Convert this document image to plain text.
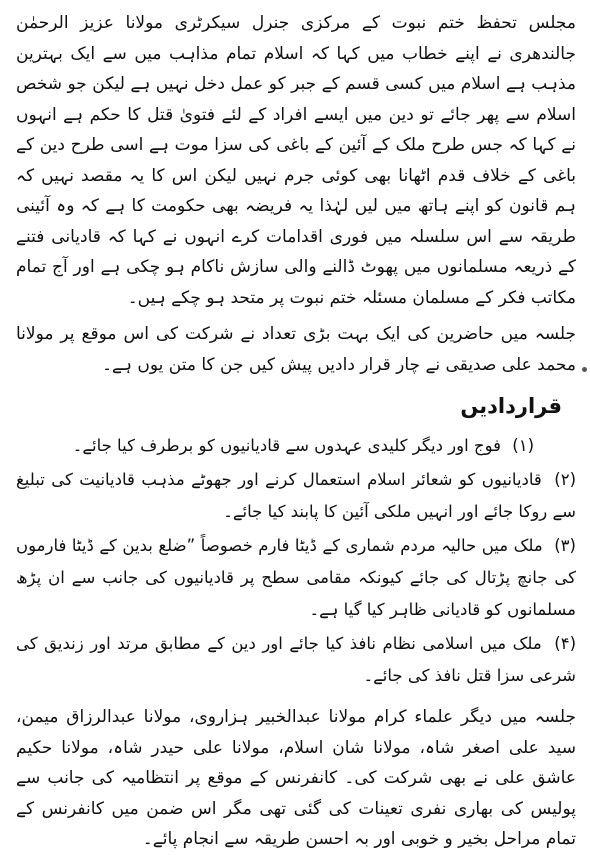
مجلس تحفظ ختم نبوت کے مرکزی جنرل سیکرٹری مولانا عزیز الرحمٰن جالندھری نے اپنے خطاب میں کہا کہ اسلام تمام مذاہب میں سے ایک بہترین مذہب ہے اسلام میں کسی قسم کے جبر کو عمل دخل نہیں ہے لیکن جو شخص اسلام سے پھر جائے تو دین میں ایسے افراد کے لئے فتویٰ قتل کا حکم ہے انہوں نے کہا کہ جس طرح ملک کے آئین کے باغی کی سزا موت ہے اسی طرح دین کے باغی کے خلاف قدم اٹھانا بھی کوئی جرم نہیں لیکن اس کا یہ مقصد نہیں کہ ہم قانون کو اپنے ہاتھ میں لیں لہٰذا یہ فریضہ بھی حکومت کا ہے کہ وہ آئینی طریقہ سے اس سلسلہ میں فوری اقدامات کرے انہوں نے کہا کہ قادیانی فتنے کے ذریعہ مسلمانوں میں پھوٹ ڈالنے والی سازش ناکام ہو چکی ہے اور آج تمام مکاتب فکر کے مسلمان مسئلہ ختم نبوت پر متحد ہو چکے ہیں۔

جلسہ میں حاضرین کی ایک بہت بڑی تعداد نے شرکت کی اس موقع پر مولانا محمد علی صدیقی نے چار قرار دادیں پیش کیں جن کا متن یوں ہے۔

قراردادیں

(۱) فوج اور دیگر کلیدی عہدوں سے قادیانیوں کو برطرف کیا جائے۔

(۲) قادیانیوں کو شعائر اسلام استعمال کرنے اور جھوٹے مذہب قادیانیت کی تبلیغ سے روکا جائے اور انہیں ملکی آئین کا پابند کیا جائے۔

(۳) ملک میں حالیہ مردم شماری کے ڈیٹا فارم خصوصاً ”ضلع بدین کے ڈیٹا فارموں کی جانچ پڑتال کی جائے کیونکہ مقامی سطح پر قادیانیوں کی جانب سے ان پڑھ مسلمانوں کو قادیانی ظاہر کیا گیا ہے۔

(۴) ملک میں اسلامی نظام نافذ کیا جائے اور دین کے مطابق مرتد اور زندیق کی شرعی سزا قتل نافذ کی جائے۔

جلسہ میں دیگر علماء کرام مولانا عبدالخبیر ہزاروی، مولانا عبدالرزاق میمن، سید علی اصغر شاہ، مولانا شان اسلام، مولانا علی حیدر شاہ، مولانا حکیم عاشق علی نے بھی شرکت کی۔ کانفرنس کے موقع پر انتظامیہ کی جانب سے پولیس کی بھاری نفری تعینات کی گئی تھی مگر اس ضمن میں کانفرنس کے تمام مراحل بخیر و خوبی اور بہ احسن طریقہ سے انجام پائے۔
